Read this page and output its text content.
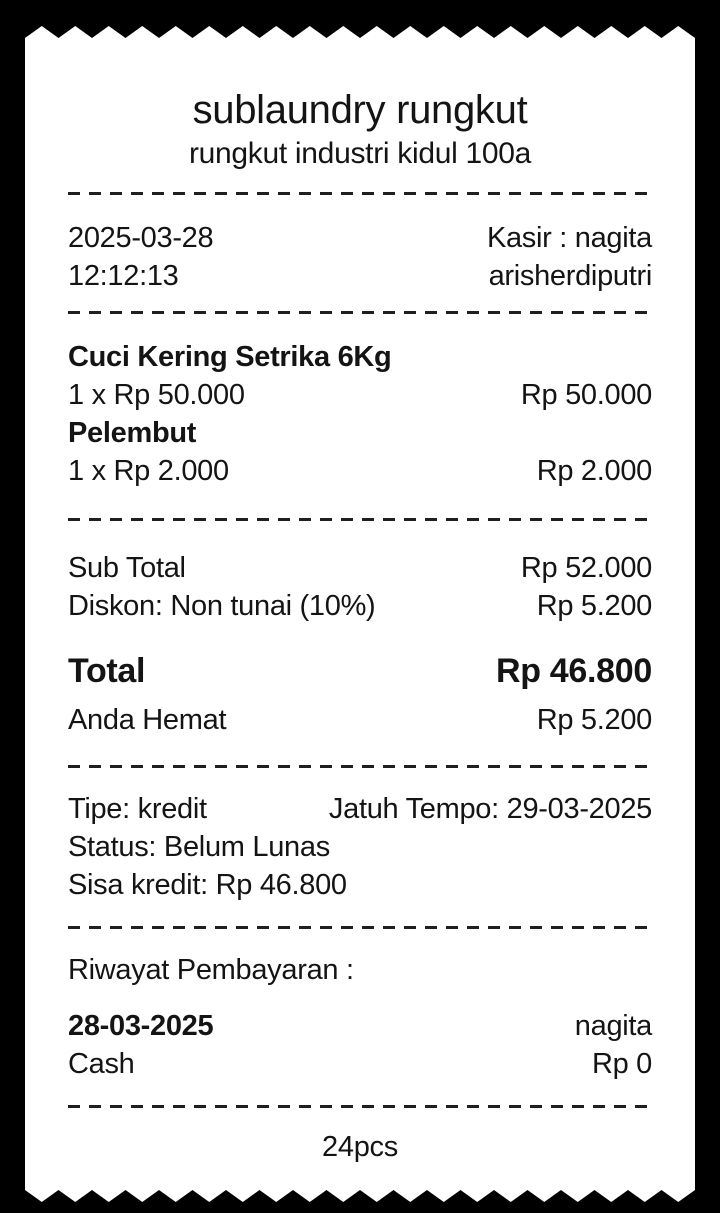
sublaundry rungkut
rungkut industri kidul 100a
2025-03-28	Kasir : nagita
12:12:13	arisherdiputri
Cuci Kering Setrika 6Kg
1 x Rp 50.000	Rp 50.000
Pelembut
1 x Rp 2.000	Rp 2.000
Sub Total	Rp 52.000
Diskon: Non tunai (10%)	Rp 5.200
Total	Rp 46.800
Anda Hemat	Rp 5.200
Tipe: kredit	Jatuh Tempo: 29-03-2025
Status: Belum Lunas
Sisa kredit: Rp 46.800
Riwayat Pembayaran :
28-03-2025	nagita
Cash	Rp 0
24pcs
